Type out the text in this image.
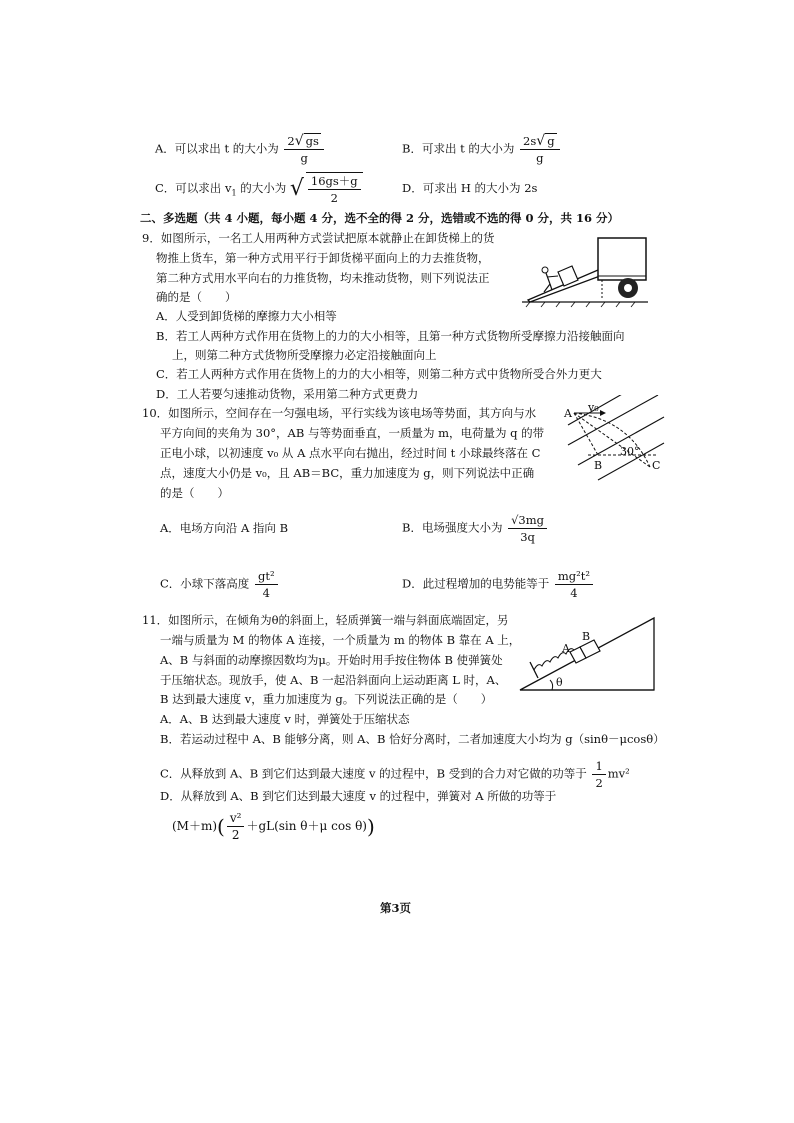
A．可以求出 t 的大小为 $\frac{2√ gs}{g}$	B．可求出 t 的大小为 $\frac{2s√ g}{g}$
C．可以求出 $v_1$ 的大小为 √ $\frac{16gs+g}{2}$	D．可求出 H 的大小为 2s
二、多选题（共 4 小题，每小题 4 分，选不全的得 2 分，选错或不选的得 0 分，共 16 分）
9．如图所示，一名工人用两种方式尝试把原本就静止在卸货梯上的货
物推上货车，第一种方式用平行于卸货梯平面向上的力去推货物，
第二种方式用水平向右的力推货物，均未推动货物，则下列说法正
确的是（　　）
A．人受到卸货梯的摩擦力大小相等
B．若工人两种方式作用在货物上的力的大小相等，且第一种方式货物所受摩擦力沿接触面向
上，则第二种方式货物所受摩擦力必定沿接触面向上
C．若工人两种方式作用在货物上的力的大小相等，则第二种方式中货物所受合外力更大
D．工人若要匀速推动货物，采用第二种方式更费力
10．如图所示，空间存在一匀强电场，平行实线为该电场等势面，其方向与水
平方向间的夹角为 30°，AB 与等势面垂直，一质量为 m，电荷量为 q 的带
正电小球，以初速度 v₀ 从 A 点水平向右抛出，经过时间 t 小球最终落在 C
点，速度大小仍是 v₀，且 AB＝BC，重力加速度为 g，则下列说法中正确
的是（　　）
A．电场方向沿 A 指向 B	B．电场强度大小为 $\frac{√3mg}{3q}$
C．小球下落高度 $\frac{\text{gt²}}{4}$	D．此过程增加的电势能等于 $\frac{\text{mg²t²}}{4}$
A v₀
B	C
30°
11．如图所示，在倾角为θ的斜面上，轻质弹簧一端与斜面底端固定，另
一端与质量为 M 的物体 A 连接，一个质量为 m 的物体 B 靠在 A 上，
A、B 与斜面的动摩擦因数均为μ。开始时用手按住物体 B 使弹簧处
于压缩状态。现放手，使 A、B 一起沿斜面向上运动距离 L 时，A、
B 达到最大速度 v，重力加速度为 g。下列说法正确的是（　　）
A．A、B 达到最大速度 v 时，弹簧处于压缩状态
B．若运动过程中 A、B 能够分离，则 A、B 恰好分离时，二者加速度大小均为 g（sinθ－μcosθ）
C．从释放到 A、B 到它们达到最大速度 v 的过程中，B 受到的合力对它做的功等于 $\frac{1}{2} mv^2$
D．从释放到 A、B 到它们达到最大速度 v 的过程中，弹簧对 A 所做的功等于
$(M+m)( \frac{\text{v²}}{2} +gL(\sin$ θ＋μ cos θ))
θ
A
B
第3页
